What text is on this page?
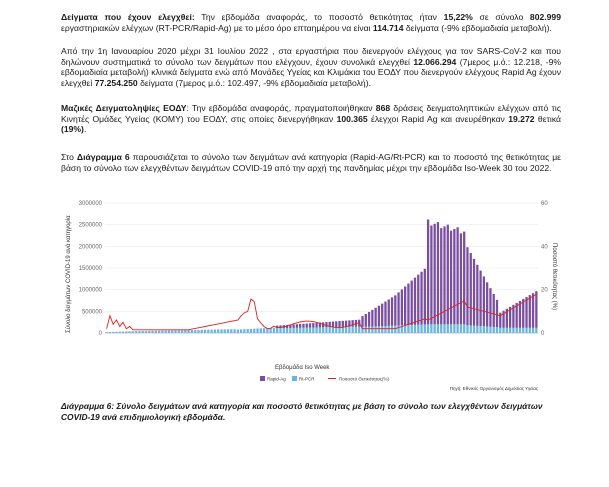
Δείγματα που έχουν ελεγχθεί: Την εβδομάδα αναφοράς, το ποσοστό θετικότητας ήταν 15,22% σε σύνολο 802.999 εργαστηριακών ελέγχων (RT-PCR/Rapid-Ag) με το μέσο όρο επταημέρου να είναι 114.714 δείγματα (-9% εβδομαδιαία μεταβολή).

Από την 1η Ιανουαρίου 2020 μέχρι 31 Ιουλίου 2022 , στα εργαστήρια που διενεργούν ελέγχους για τον SARS-CoV-2 και που δηλώνουν συστηματικά το σύνολο των δειγμάτων που ελέγχουν, έχουν συνολικά ελεγχθεί 12.066.294 (7μερος μ.ό.: 12.218, -9% εβδομαδιαία μεταβολή) κλινικά δείγματα ενώ από Μονάδες Υγείας και Κλιμάκια του ΕΟΔΥ που διενεργούν ελέγχους Rapid Ag έχουν ελεγχθεί 77.254.250 δείγματα (7μερος μ.ό.: 102.497, -9% εβδομαδιαία μεταβολή).

Μαζικές Δειγματοληψίες ΕΟΔΥ: Την εβδομάδα αναφοράς, πραγματοποιήθηκαν 868 δράσεις δειγματοληπτικών ελέγχων από τις Κινητές Ομάδες Υγείας (ΚΟΜΥ) του ΕΟΔΥ, στις οποίες διενεργήθηκαν 100.365 έλεγχοι Rapid Ag και ανευρέθηκαν 19.272 θετικά (19%).

Στο Διάγραμμα 6 παρουσιάζεται το σύνολο των δειγμάτων ανά κατηγορία (Rapid-AG/Rt-PCR) και το ποσοστό της θετικότητας με βάση το σύνολο των ελεγχθέντων δειγμάτων COVID-19 από την αρχή της πανδημίας μέχρι την εβδομάδα Iso-Week 30 του 2022.

0
500000
1000000
1500000
2000000
2500000
3000000
0
20
40
60
Σύνολο δειγμάτων COVID-19 ανά κατηγορία	Ποσοστό θετικότητας (%)
Εβδομάδα Iso Week
Rapid-Ag	Rt-PCR	Ποσοστό Θετικότητας(%)
Πηγή: Εθνικός Οργανισμός Δημόσιας Υγείας

Διάγραμμα 6: Σύνολο δειγμάτων ανά κατηγορία και ποσοστό θετικότητας με βάση το σύνολο των ελεγχθέντων δειγμάτων COVID-19 ανά επιδημιολογική εβδομάδα.
